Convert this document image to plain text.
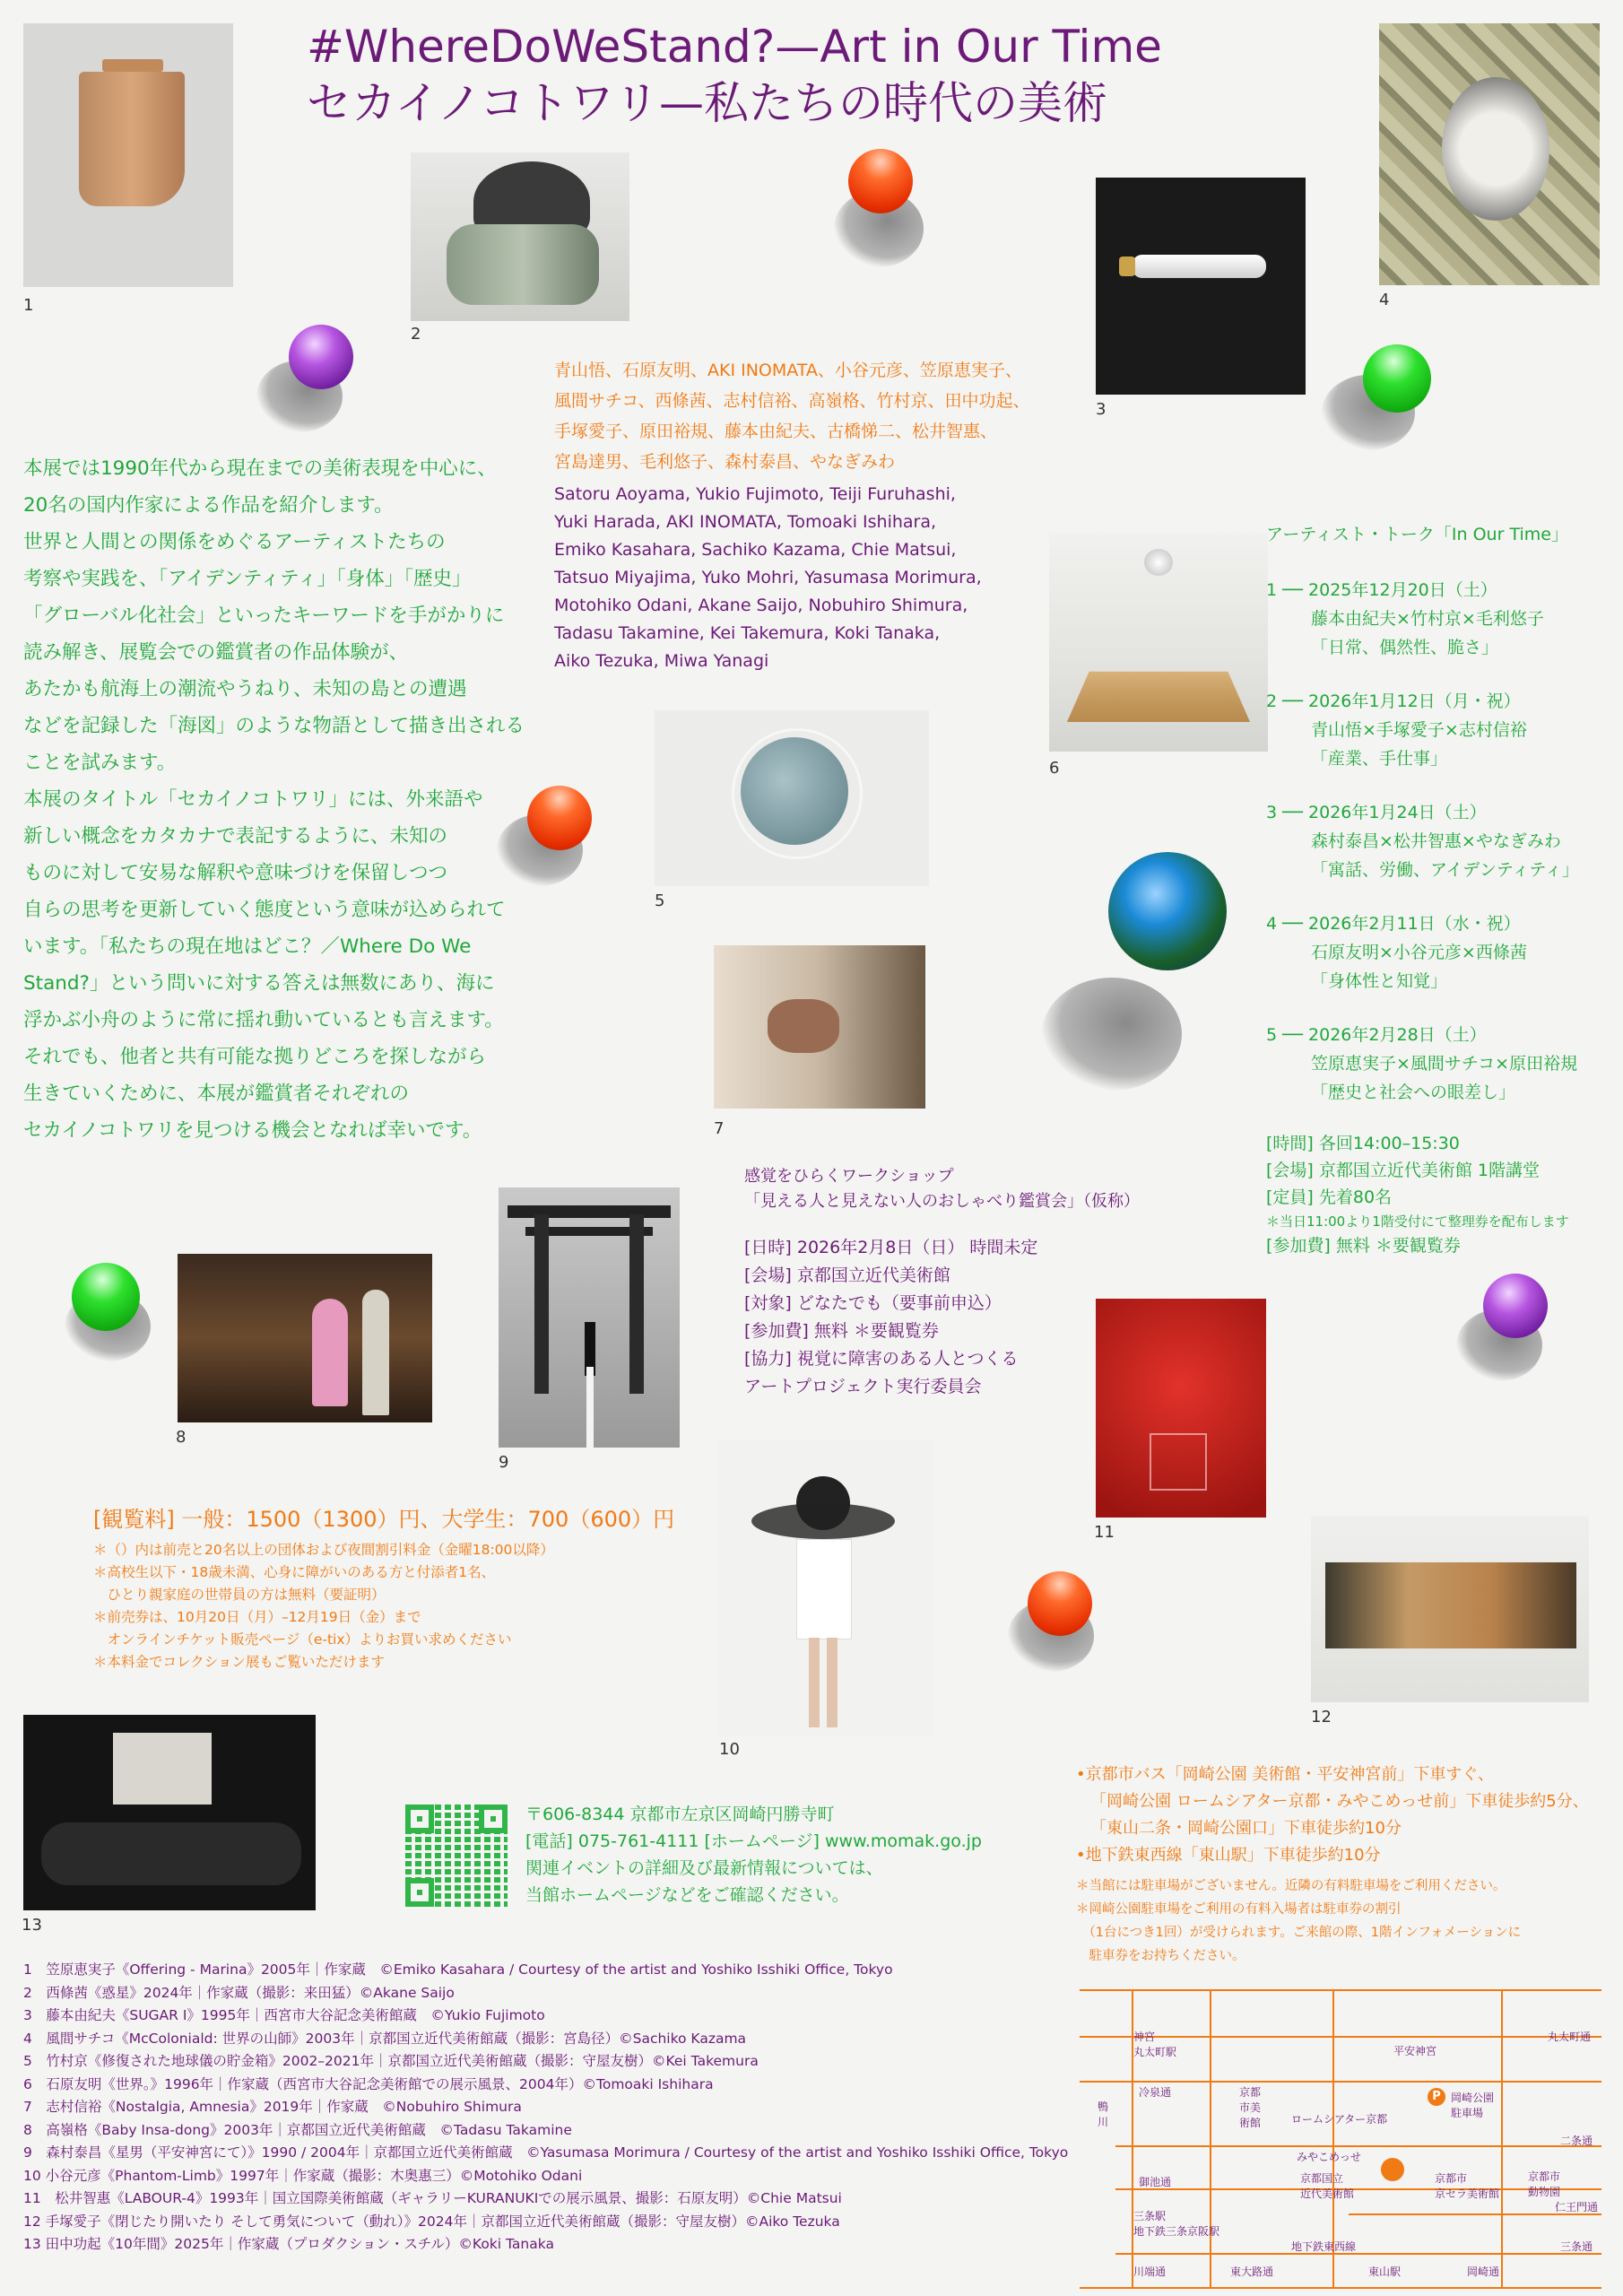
#WhereDoWeStand?—Art in Our Time
セカイノコトワリ—私たちの時代の美術
1
2
3
4
5
6
7
8
9
10
11
12
13
青山悟、石原友明、AKI INOMATA、小谷元彦、笠原恵実子、
風間サチコ、西條茜、志村信裕、高嶺格、竹村京、田中功起、
手塚愛子、原田裕規、藤本由紀夫、古橋悌二、松井智惠、
宮島達男、毛利悠子、森村泰昌、やなぎみわ
Satoru Aoyama, Yukio Fujimoto, Teiji Furuhashi,
Yuki Harada, AKI INOMATA, Tomoaki Ishihara,
Emiko Kasahara, Sachiko Kazama, Chie Matsui,
Tatsuo Miyajima, Yuko Mohri, Yasumasa Morimura,
Motohiko Odani, Akane Saijo, Nobuhiro Shimura,
Tadasu Takamine, Kei Takemura, Koki Tanaka,
Aiko Tezuka, Miwa Yanagi
本展では1990年代から現在までの美術表現を中心に、
20名の国内作家による作品を紹介します。
世界と人間との関係をめぐるアーティストたちの
考察や実践を、「アイデンティティ」「身体」「歴史」
「グローバル化社会」といったキーワードを手がかりに
読み解き、展覧会での鑑賞者の作品体験が、
あたかも航海上の潮流やうねり、未知の島との遭遇
などを記録した「海図」のような物語として描き出される
ことを試みます。
本展のタイトル「セカイノコトワリ」には、外来語や
新しい概念をカタカナで表記するように、未知の
ものに対して安易な解釈や意味づけを保留しつつ
自らの思考を更新していく態度という意味が込められて
います。「私たちの現在地はどこ？／Where Do We
Stand?」という問いに対する答えは無数にあり、海に
浮かぶ小舟のように常に揺れ動いているとも言えます。
それでも、他者と共有可能な拠りどころを探しながら
生きていくために、本展が鑑賞者それぞれの
セカイノコトワリを見つける機会となれば幸いです。
アーティスト・トーク「In Our Time」
1 ── 2025年12月20日（土）
藤本由紀夫×竹村京×毛利悠子
「日常、偶然性、脆さ」
2 ── 2026年1月12日（月・祝）
青山悟×手塚愛子×志村信裕
「産業、手仕事」
3 ── 2026年1月24日（土）
森村泰昌×松井智惠×やなぎみわ
「寓話、労働、アイデンティティ」
4 ── 2026年2月11日（水・祝）
石原友明×小谷元彦×西條茜
「身体性と知覚」
5 ── 2026年2月28日（土）
笠原恵実子×風間サチコ×原田裕規
「歴史と社会への眼差し」
[時間] 各回14:00–15:30
[会場] 京都国立近代美術館 1階講堂
[定員] 先着80名
＊当日11:00より1階受付にて整理券を配布します
[参加費] 無料 ＊要観覧券
感覚をひらくワークショップ
「見える人と見えない人のおしゃべり鑑賞会」（仮称）
[日時] 2026年2月8日（日） 時間未定
[会場] 京都国立近代美術館
[対象] どなたでも（要事前申込）
[参加費] 無料 ＊要観覧券
[協力] 視覚に障害のある人とつくる
アートプロジェクト実行委員会
[観覧料] 一般：1500（1300）円、大学生：700（600）円
＊（）内は前売と20名以上の団体および夜間割引料金（金曜18:00以降）
＊高校生以下・18歳未満、心身に障がいのある方と付添者1名、
　ひとり親家庭の世帯員の方は無料（要証明）
＊前売券は、10月20日（月）–12月19日（金）まで
　オンラインチケット販売ページ（e-tix）よりお買い求めください
＊本料金でコレクション展もご覧いただけます
〒606-8344 京都市左京区岡崎円勝寺町
[電話] 075-761-4111 [ホームページ] www.momak.go.jp
関連イベントの詳細及び最新情報については、
当館ホームページなどをご確認ください。
•京都市バス「岡崎公園 美術館・平安神宮前」下車すぐ、
「岡崎公園 ロームシアター京都・みやこめっせ前」下車徒歩約5分、
「東山二条・岡崎公園口」下車徒歩約10分
•地下鉄東西線「東山駅」下車徒歩約10分
＊当館には駐車場がございません。近隣の有料駐車場をご利用ください。
＊岡崎公園駐車場をご利用の有料入場者は駐車券の割引
　（1台につき1回）が受けられます。ご来館の際、1階インフォメーションに
　駐車券をお持ちください。
P
神宮
丸太町駅
丸太町通
平安神宮
鴨
川
冷泉通	京都
市美
術館	ロームシアター京都
みやこめっせ
岡崎公園
駐車場
京都国立
近代美術館
京都市
京セラ美術館
京都市
動物園
二条通
御池通
三条駅
地下鉄三条京阪駅
地下鉄東西線
仁王門通
三条通
川端通	東大路通	東山駅	岡崎通
1　笠原恵実子《Offering - Marina》2005年｜作家蔵　©Emiko Kasahara / Courtesy of the artist and Yoshiko Isshiki Office, Tokyo
2　西條茜《惑星》2024年｜作家蔵（撮影：来田猛）©Akane Saijo
3　藤本由紀夫《SUGAR I》1995年｜西宮市大谷記念美術館蔵　©Yukio Fujimoto
4　風間サチコ《McColoniald: 世界の山師》2003年｜京都国立近代美術館蔵（撮影：宮島径）©Sachiko Kazama
5　竹村京《修復された地球儀の貯金箱》2002–2021年｜京都国立近代美術館蔵（撮影：守屋友樹）©Kei Takemura
6　石原友明《世界。》1996年｜作家蔵（西宮市大谷記念美術館での展示風景、2004年）©Tomoaki Ishihara
7　志村信裕《Nostalgia, Amnesia》2019年｜作家蔵　©Nobuhiro Shimura
8　高嶺格《Baby Insa-dong》2003年｜京都国立近代美術館蔵　©Tadasu Takamine
9　森村泰昌《星男（平安神宮にて）》1990 / 2004年｜京都国立近代美術館蔵　©Yasumasa Morimura / Courtesy of the artist and Yoshiko Isshiki Office, Tokyo
10 小谷元彦《Phantom-Limb》1997年｜作家蔵（撮影：木奥惠三）©Motohiko Odani
11　松井智惠《LABOUR-4》1993年｜国立国際美術館蔵（ギャラリーKURANUKIでの展示風景、撮影：石原友明）©Chie Matsui
12 手塚愛子《閉じたり開いたり そして勇気について（動れ）》2024年｜京都国立近代美術館蔵（撮影：守屋友樹）©Aiko Tezuka
13 田中功起《10年間》2025年｜作家蔵（プロダクション・スチル）©Koki Tanaka
